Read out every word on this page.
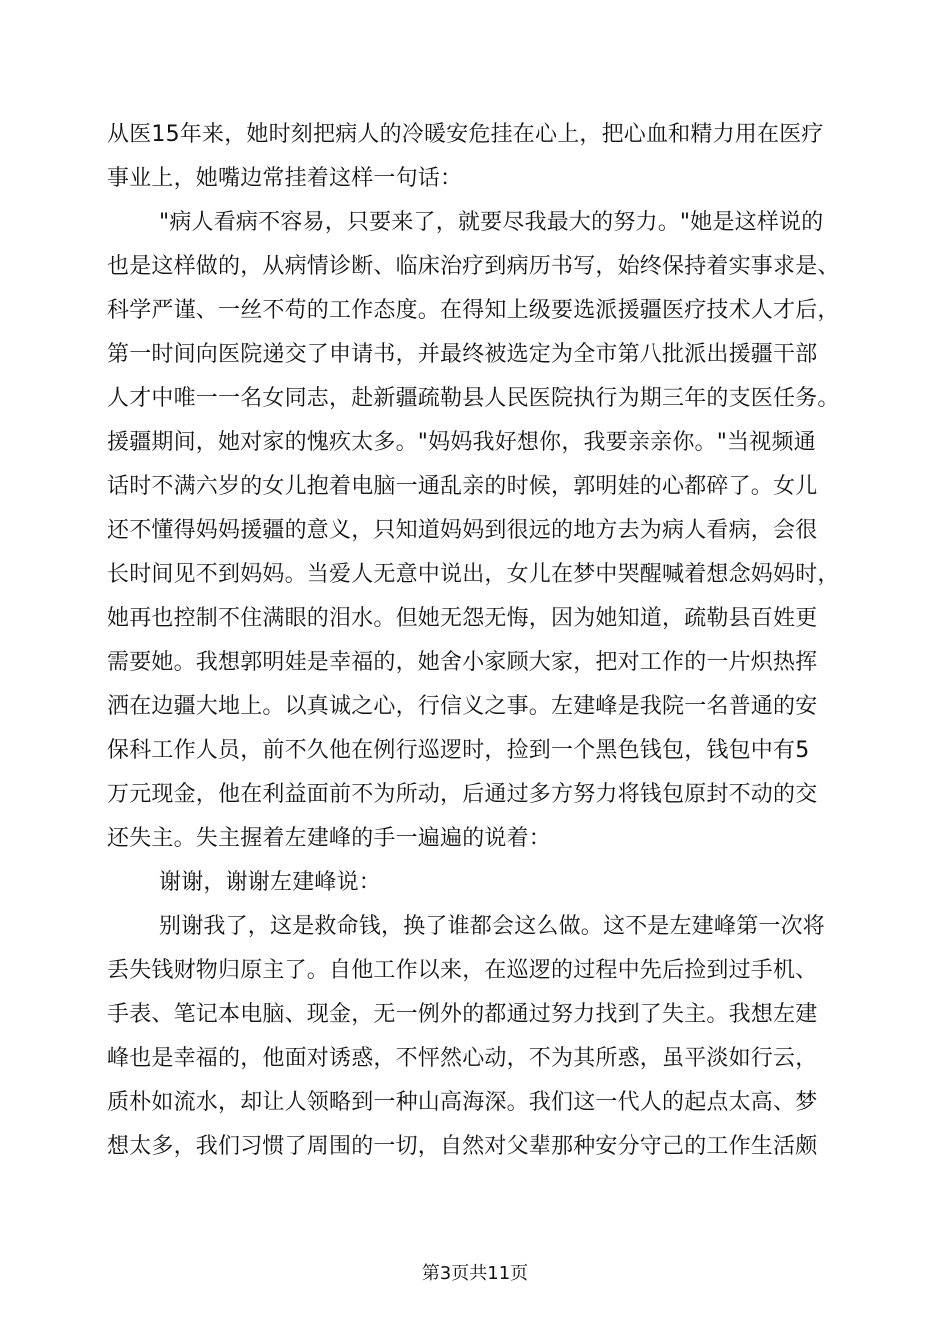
从医15年来，她时刻把病人的冷暖安危挂在心上，把心血和精力用在医疗
事业上，她嘴边常挂着这样一句话：
"病人看病不容易，只要来了，就要尽我最大的努力。"她是这样说的
也是这样做的，从病情诊断、临床治疗到病历书写，始终保持着实事求是、
科学严谨、一丝不苟的工作态度。在得知上级要选派援疆医疗技术人才后，
第一时间向医院递交了申请书，并最终被选定为全市第八批派出援疆干部
人才中唯一一名女同志，赴新疆疏勒县人民医院执行为期三年的支医任务。
援疆期间，她对家的愧疚太多。"妈妈我好想你，我要亲亲你。"当视频通
话时不满六岁的女儿抱着电脑一通乱亲的时候，郭明娃的心都碎了。女儿
还不懂得妈妈援疆的意义，只知道妈妈到很远的地方去为病人看病，会很
长时间见不到妈妈。当爱人无意中说出，女儿在梦中哭醒喊着想念妈妈时，
她再也控制不住满眼的泪水。但她无怨无悔，因为她知道，疏勒县百姓更
需要她。我想郭明娃是幸福的，她舍小家顾大家，把对工作的一片炽热挥
洒在边疆大地上。以真诚之心，行信义之事。左建峰是我院一名普通的安
保科工作人员，前不久他在例行巡逻时，捡到一个黑色钱包，钱包中有5
万元现金，他在利益面前不为所动，后通过多方努力将钱包原封不动的交
还失主。失主握着左建峰的手一遍遍的说着：
谢谢，谢谢左建峰说：
别谢我了，这是救命钱，换了谁都会这么做。这不是左建峰第一次将
丢失钱财物归原主了。自他工作以来，在巡逻的过程中先后捡到过手机、
手表、笔记本电脑、现金，无一例外的都通过努力找到了失主。我想左建
峰也是幸福的，他面对诱惑，不怦然心动，不为其所惑，虽平淡如行云，
质朴如流水，却让人领略到一种山高海深。我们这一代人的起点太高、梦
想太多，我们习惯了周围的一切，自然对父辈那种安分守己的工作生活颇
第3页共11页
